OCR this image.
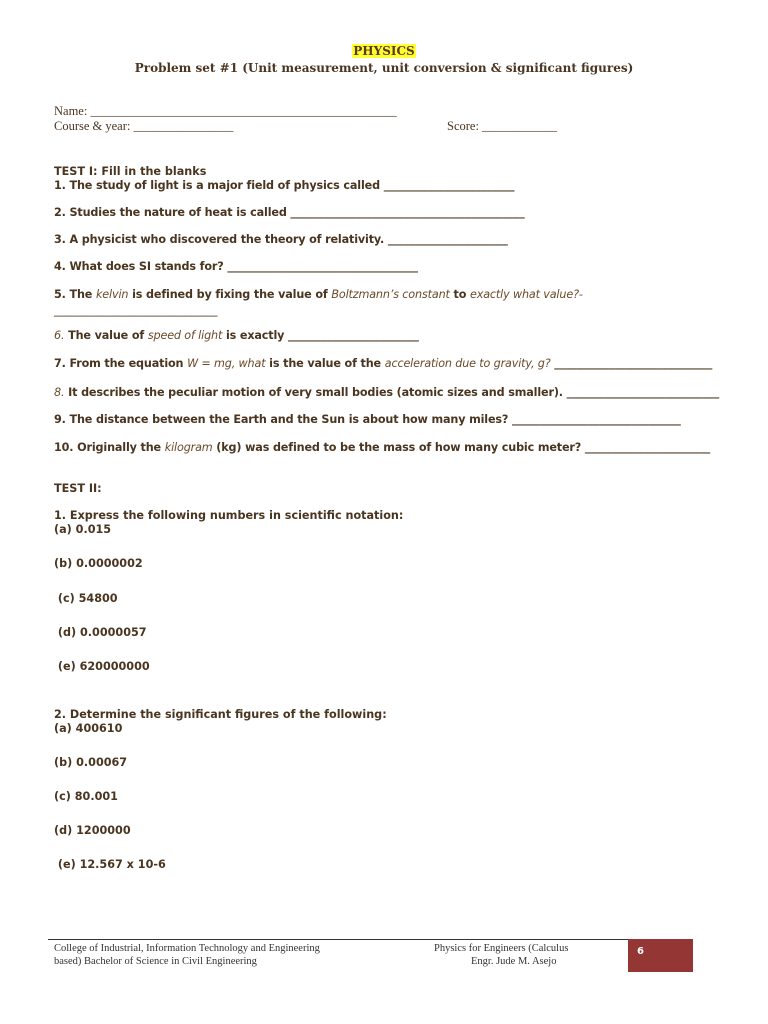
PHYSICS
Problem set #1 (Unit measurement, unit conversion & significant figures)
Name: _________________________________________________
Course & year: ________________	Score: ____________
TEST I: Fill in the blanks
1. The study of light is a major field of physics called ________________________
2. Studies the nature of heat is called ___________________________________________
3. A physicist who discovered the theory of relativity. ______________________
4. What does SI stands for? ___________________________________
5. The kelvin is defined by fixing the value of Boltzmann’s constant to exactly what value?-
______________________________
6. The value of speed of light is exactly ________________________
7. From the equation W = mg, what is the value of the acceleration due to gravity, g? _____________________________
8. It describes the peculiar motion of very small bodies (atomic sizes and smaller). ____________________________
9. The distance between the Earth and the Sun is about how many miles? _______________________________
10. Originally the kilogram (kg) was defined to be the mass of how many cubic meter? _______________________
TEST II:
1. Express the following numbers in scientific notation:
(a) 0.015
(b) 0.0000002
(c) 54800
(d) 0.0000057
(e) 620000000
2. Determine the significant figures of the following:
(a) 400610
(b) 0.00067
(c) 80.001
(d) 1200000
(e) 12.567 x 10-6
College of Industrial, Information Technology and Engineering
based) Bachelor of Science in Civil Engineering
Physics for Engineers (Calculus
Engr. Jude M. Asejo
6
